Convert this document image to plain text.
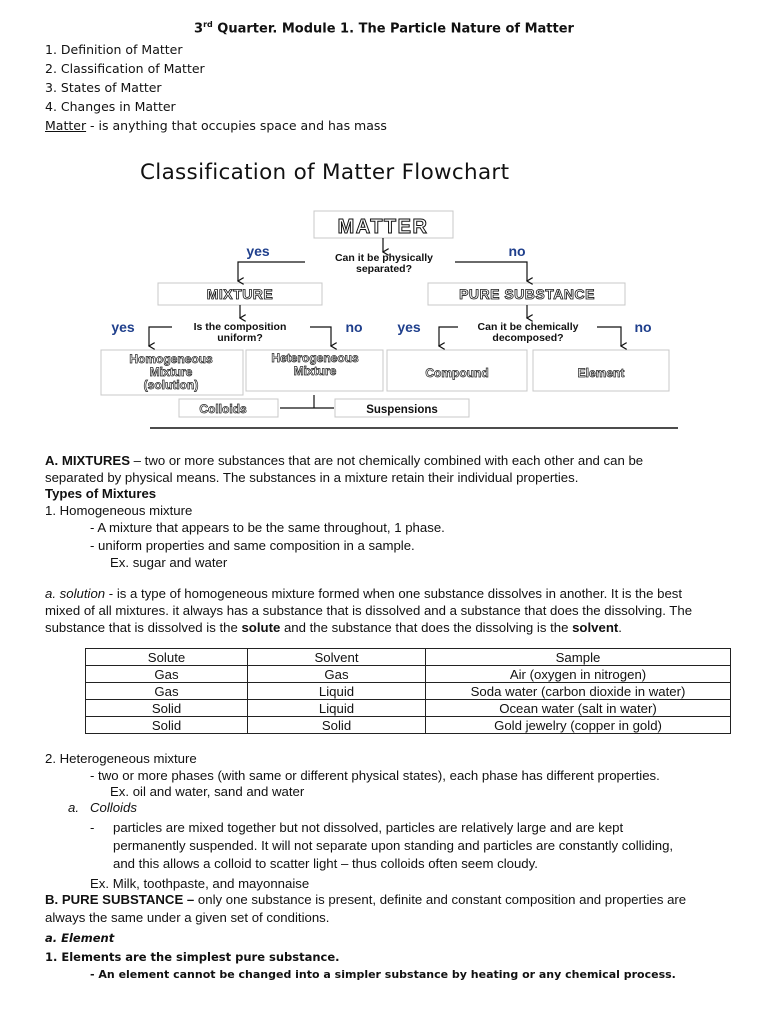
3rd Quarter. Module 1. The Particle Nature of Matter
1. Definition of Matter
2. Classification of Matter
3. States of Matter
4. Changes in Matter
Matter - is anything that occupies space and has mass
Classification of Matter Flowchart
MATTER
Can it be physically
separated?
yes	no
MIXTURE	PURE SUBSTANCE
Is the composition
uniform?
Can it be chemically
decomposed?
yes	no yes	no
Homogeneous
Mixture
(solution)
Heterogeneous
Mixture	Compound	Element
Colloids	Suspensions
A. MIXTURES – two or more substances that are not chemically combined with each other and can be
separated by physical means. The substances in a mixture retain their individual properties.
Types of Mixtures
1. Homogeneous mixture
- A mixture that appears to be the same throughout, 1 phase.
- uniform properties and same composition in a sample.
Ex. sugar and water
a. solution - is a type of homogeneous mixture formed when one substance dissolves in another. It is the best
mixed of all mixtures. it always has a substance that is dissolved and a substance that does the dissolving. The
substance that is dissolved is the solute and the substance that does the dissolving is the solvent.
Solute	Solvent	Sample
Gas	Gas	Air (oxygen in nitrogen)
Gas	Liquid	Soda water (carbon dioxide in water)
Solid	Liquid	Ocean water (salt in water)
Solid	Solid	Gold jewelry (copper in gold)
2. Heterogeneous mixture
- two or more phases (with same or different physical states), each phase has different properties.
Ex. oil and water, sand and water
a. Colloids
- particles are mixed together but not dissolved, particles are relatively large and are kept
permanently suspended. It will not separate upon standing and particles are constantly colliding,
and this allows a colloid to scatter light – thus colloids often seem cloudy.
Ex. Milk, toothpaste, and mayonnaise
B. PURE SUBSTANCE – only one substance is present, definite and constant composition and properties are
always the same under a given set of conditions.
a. Element
1. Elements are the simplest pure substance.
- An element cannot be changed into a simpler substance by heating or any chemical process.
